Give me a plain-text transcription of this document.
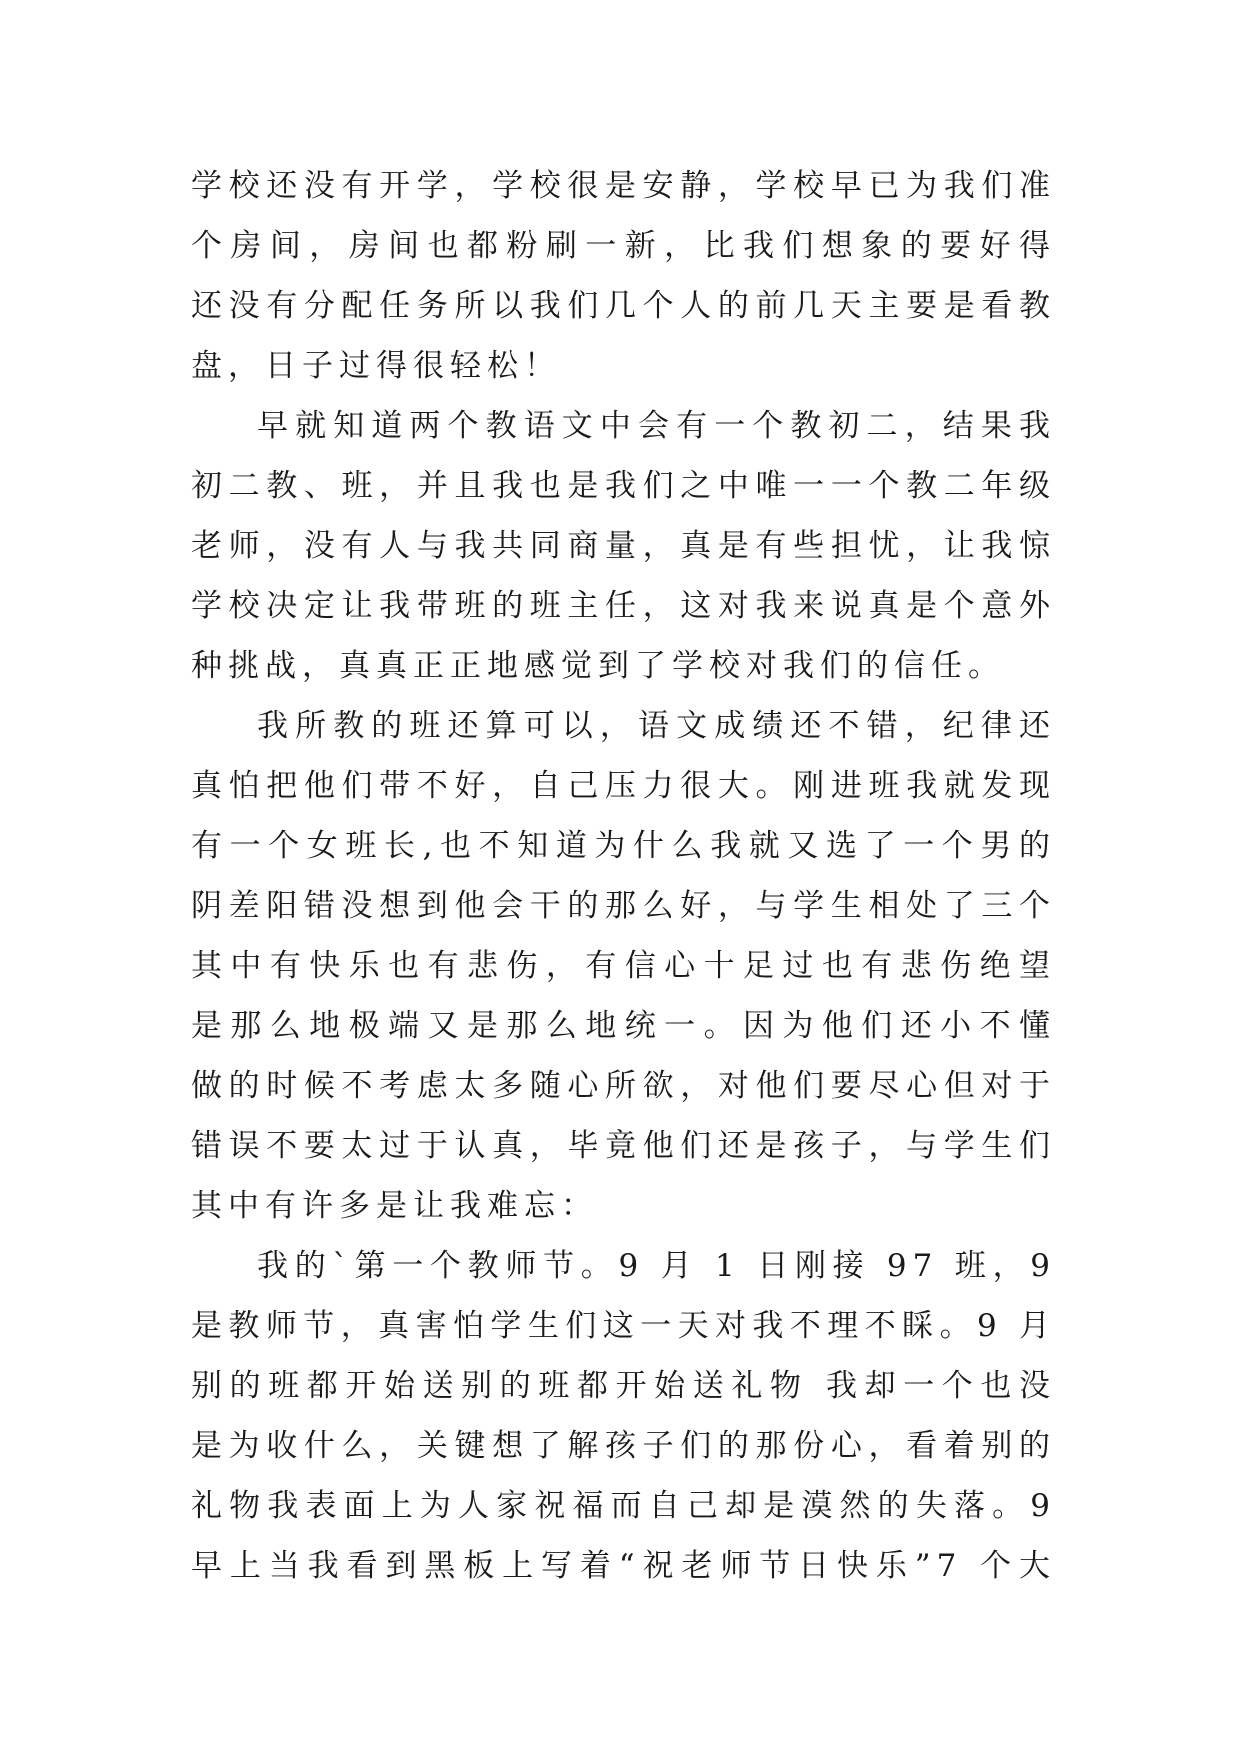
学校还没有开学，学校很是安静，学校早已为我们准
个房间，房间也都粉刷一新，比我们想象的要好得
还没有分配任务所以我们几个人的前几天主要是看教
盘，日子过得很轻松！
早就知道两个教语文中会有一个教初二，结果我
初二教、班，并且我也是我们之中唯一一个教二年级
老师，没有人与我共同商量，真是有些担忧，让我惊
学校决定让我带班的班主任，这对我来说真是个意外
种挑战，真真正正地感觉到了学校对我们的信任。
我所教的班还算可以，语文成绩还不错，纪律还
真怕把他们带不好，自己压力很大。刚进班我就发现
有一个女班长,也不知道为什么我就又选了一个男的
阴差阳错没想到他会干的那么好，与学生相处了三个
其中有快乐也有悲伤，有信心十足过也有悲伤绝望
是那么地极端又是那么地统一。因为他们还小不懂
做的时候不考虑太多随心所欲，对他们要尽心但对于
错误不要太过于认真，毕竟他们还是孩子，与学生们
其中有许多是让我难忘：
我的`第一个教师节。9 月 1 日刚接 97 班，9
是教师节，真害怕学生们这一天对我不理不睬。9 月
别的班都开始送别的班都开始送礼物 我却一个也没
是为收什么，关键想了解孩子们的那份心，看着别的
礼物我表面上为人家祝福而自己却是漠然的失落。9
早上当我看到黑板上写着“祝老师节日快乐”7 个大
